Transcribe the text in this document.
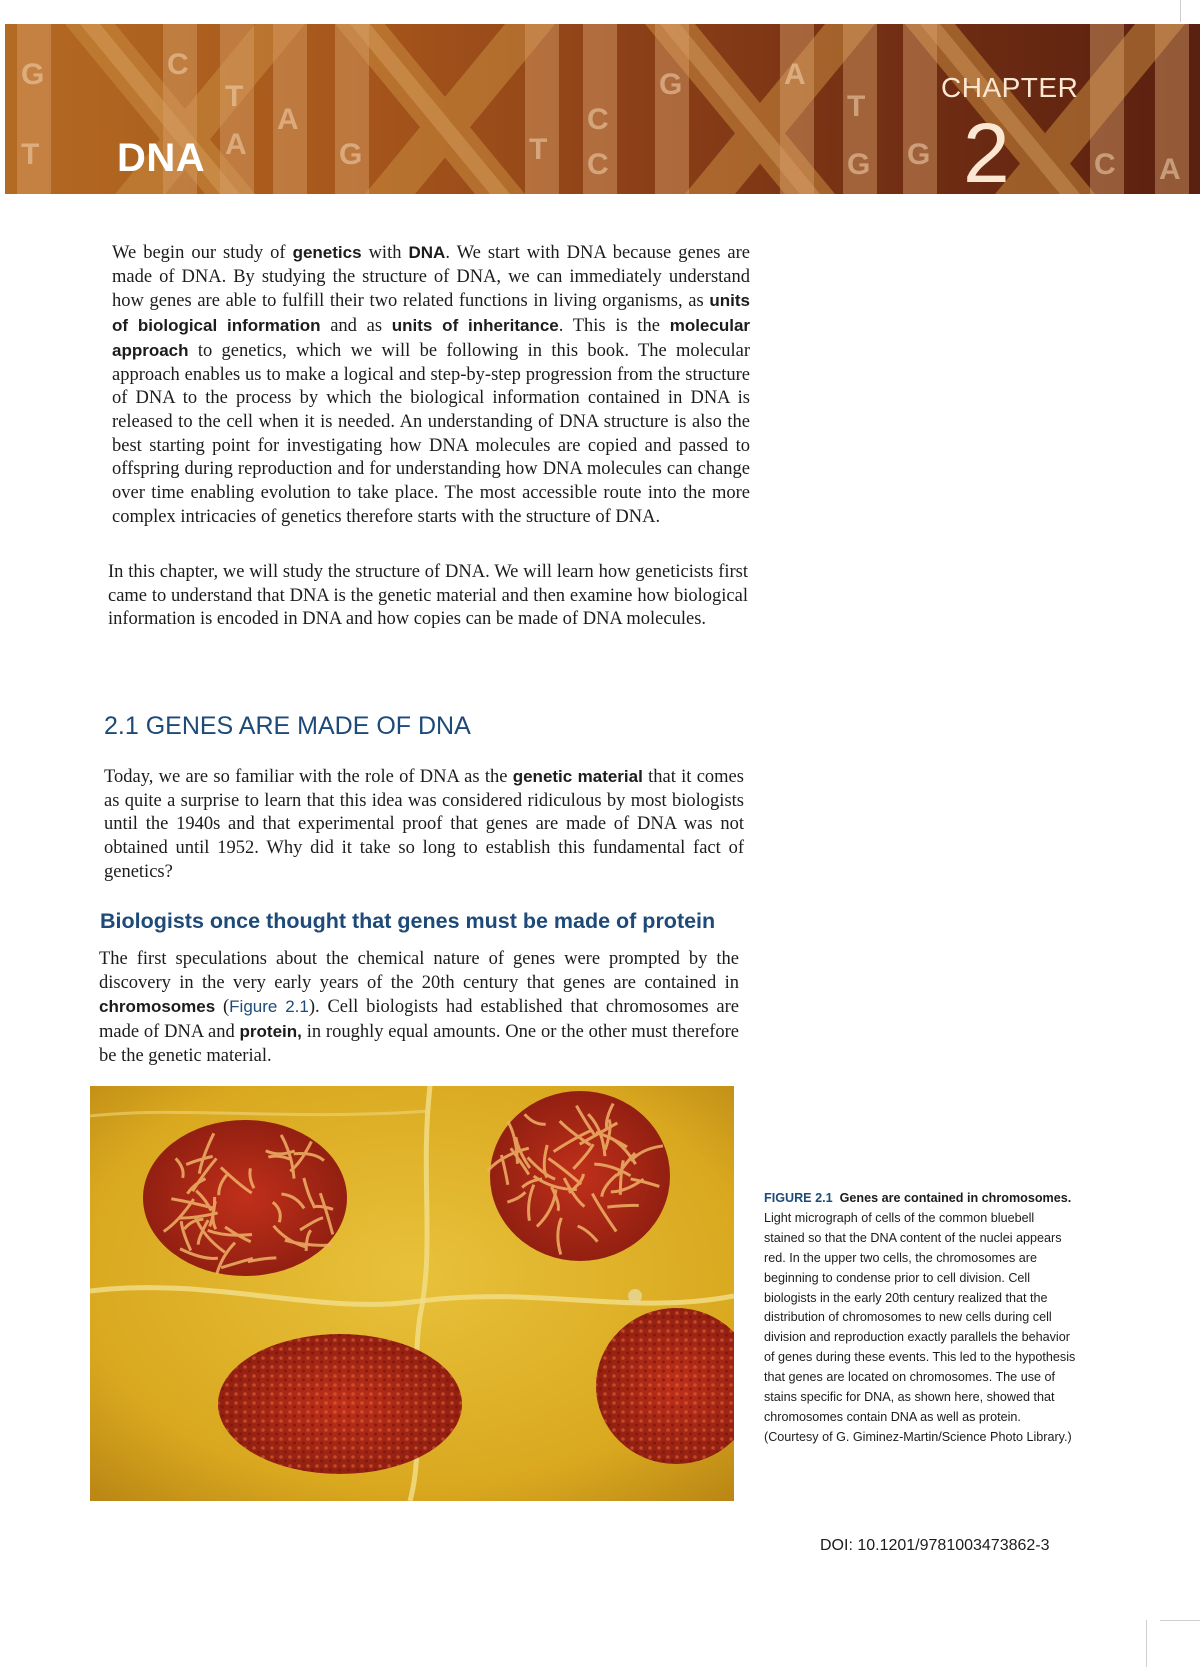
G	C
T
A
G	T
C
G	A
T
G	C A
T	A
C	G
DNA
CHAPTER
2

We begin our study of genetics with DNA. We start with DNA because genes are made of DNA. By studying the structure of DNA, we can immediately understand how genes are able to fulfill their two related functions in living organisms, as units of biological information and as units of inheritance. This is the molecular approach to genetics, which we will be following in this book. The molecular approach enables us to make a logical and step-by-step progression from the structure of DNA to the process by which the biological information contained in DNA is released to the cell when it is needed. An understanding of DNA structure is also the best starting point for investigating how DNA molecules are copied and passed to offspring during reproduction and for understanding how DNA molecules can change over time enabling evolution to take place. The most accessible route into the more complex intricacies of genetics therefore starts with the structure of DNA.

In this chapter, we will study the structure of DNA. We will learn how geneticists first came to understand that DNA is the genetic material and then examine how biological information is encoded in DNA and how copies can be made of DNA molecules.

2.1 GENES ARE MADE OF DNA

Today, we are so familiar with the role of DNA as the genetic material that it comes as quite a surprise to learn that this idea was considered ridiculous by most biologists until the 1940s and that experimental proof that genes are made of DNA was not obtained until 1952. Why did it take so long to establish this fundamental fact of genetics?

Biologists once thought that genes must be made of protein

The first speculations about the chemical nature of genes were prompted by the discovery in the very early years of the 20th century that genes are contained in chromosomes (Figure 2.1). Cell biologists had established that chromosomes are made of DNA and protein, in roughly equal amounts. One or the other must therefore be the genetic material.

FIGURE 2.1 Genes are contained in chromosomes. Light micrograph of cells of the common bluebell stained so that the DNA content of the nuclei appears red. In the upper two cells, the chromosomes are beginning to condense prior to cell division. Cell biologists in the early 20th century realized that the distribution of chromosomes to new cells during cell division and reproduction exactly parallels the behavior of genes during these events. This led to the hypothesis that genes are located on chromosomes. The use of stains specific for DNA, as shown here, showed that chromosomes contain DNA as well as protein. (Courtesy of G. Giminez-Martin/Science Photo Library.)

DOI: 10.1201/9781003473862-3
